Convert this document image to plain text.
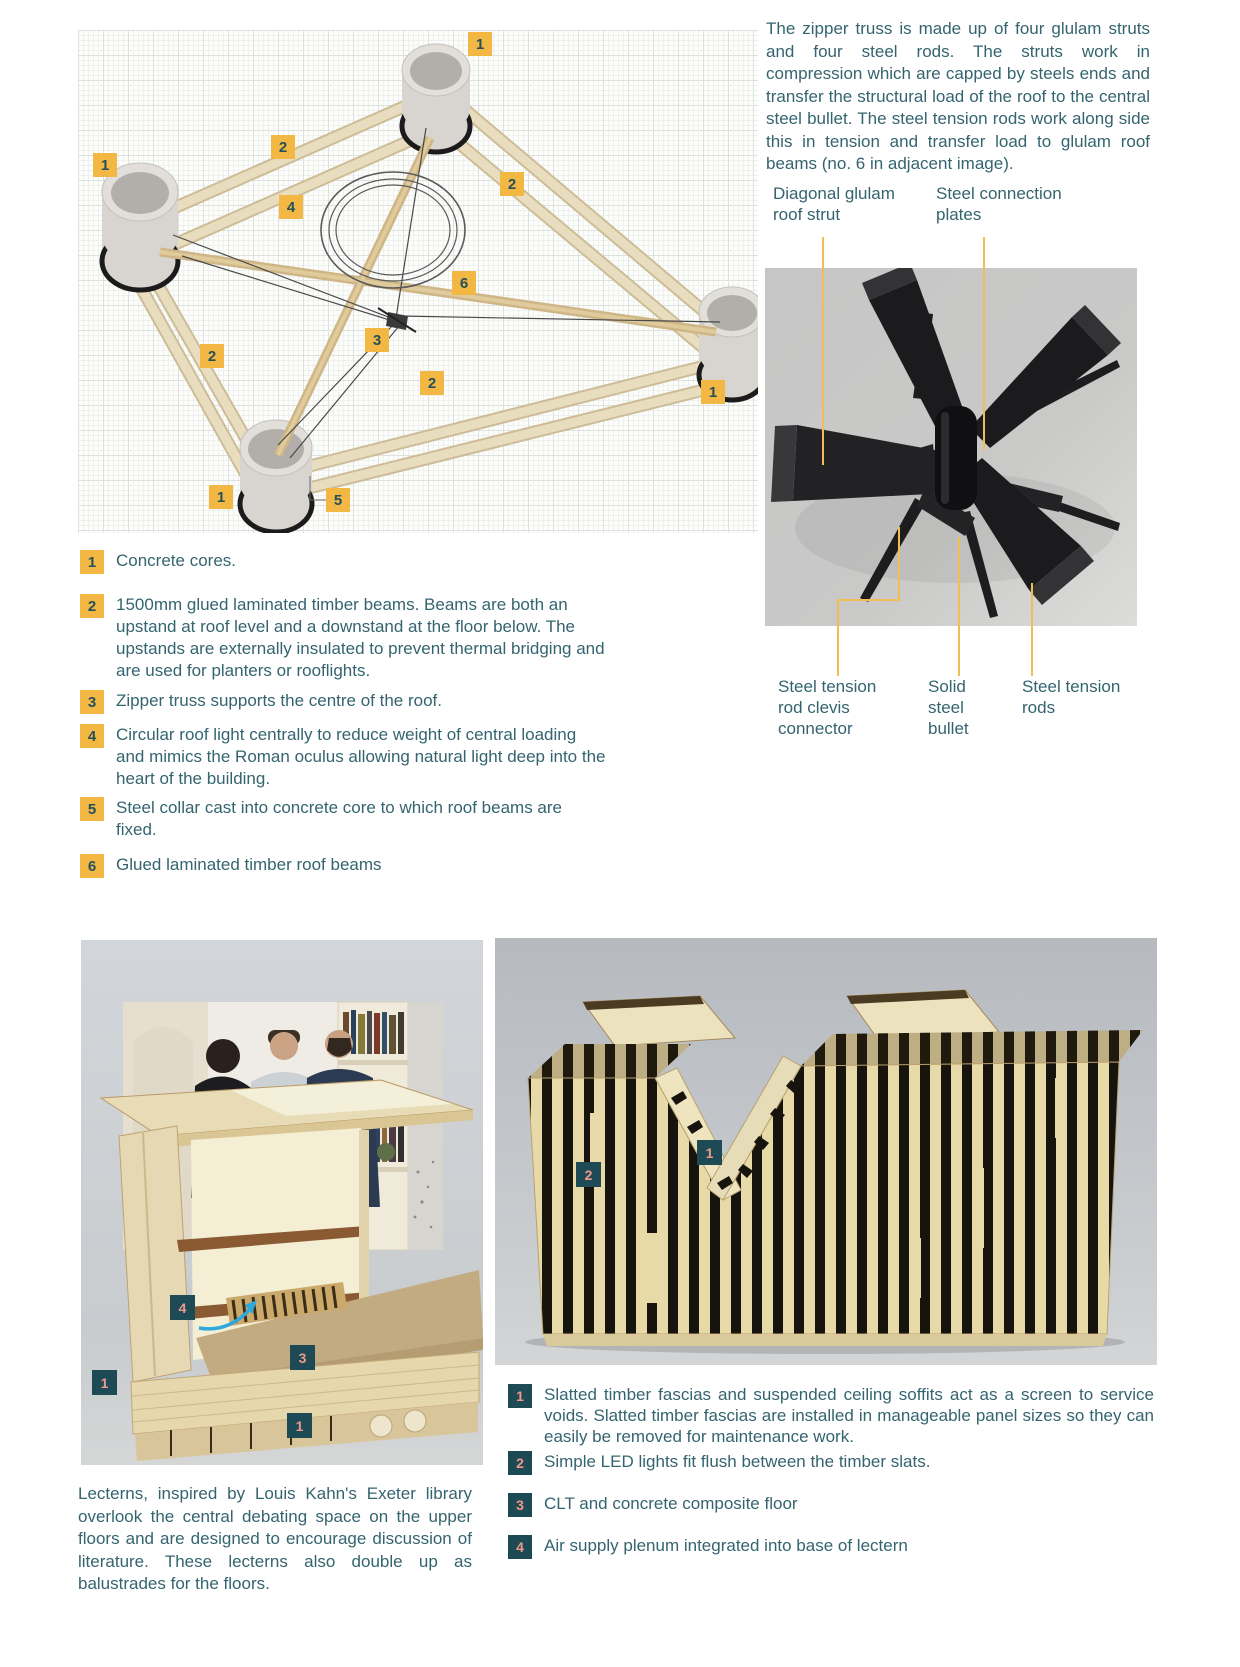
1
2
1
2
4
6
3
2
2
1	5
1

The zipper truss is made up of four glulam struts and four steel rods. The struts work in compression which are capped by steels ends and transfer the structural load of the roof to the central steel bullet. The steel tension rods work along side this in tension and transfer load to glulam roof beams (no. 6 in adjacent image).

Diagonal glulam roof strut

Steel connection plates

Steel tension rod clevis connector

Solid steel bullet

Steel tension rods

1	Concrete cores.

2	1500mm glued laminated timber beams. Beams are both an upstand at roof level and a downstand at the floor below. The upstands are externally insulated to prevent thermal bridging and are used for planters or rooflights.

3	Zipper truss supports the centre of the roof.

4	Circular roof light centrally to reduce weight of central loading and mimics the Roman oculus allowing natural light deep into the heart of the building.

5	Steel collar cast into concrete core to which roof beams are fixed.

6	Glued laminated timber roof beams

4
3
1
1

Lecterns, inspired by Louis Kahn's Exeter library overlook the central debating space on the upper floors and are designed to encourage discussion of literature. These lecterns also double up as balustrades for the floors.

1
2
1	Slatted timber fascias and suspended ceiling soffits act as a screen to service voids. Slatted timber fascias are installed in manageable panel sizes so they can easily be removed for maintenance work.

2	Simple LED lights fit flush between the timber slats.

3	CLT and concrete composite floor

4	Air supply plenum integrated into base of lectern
